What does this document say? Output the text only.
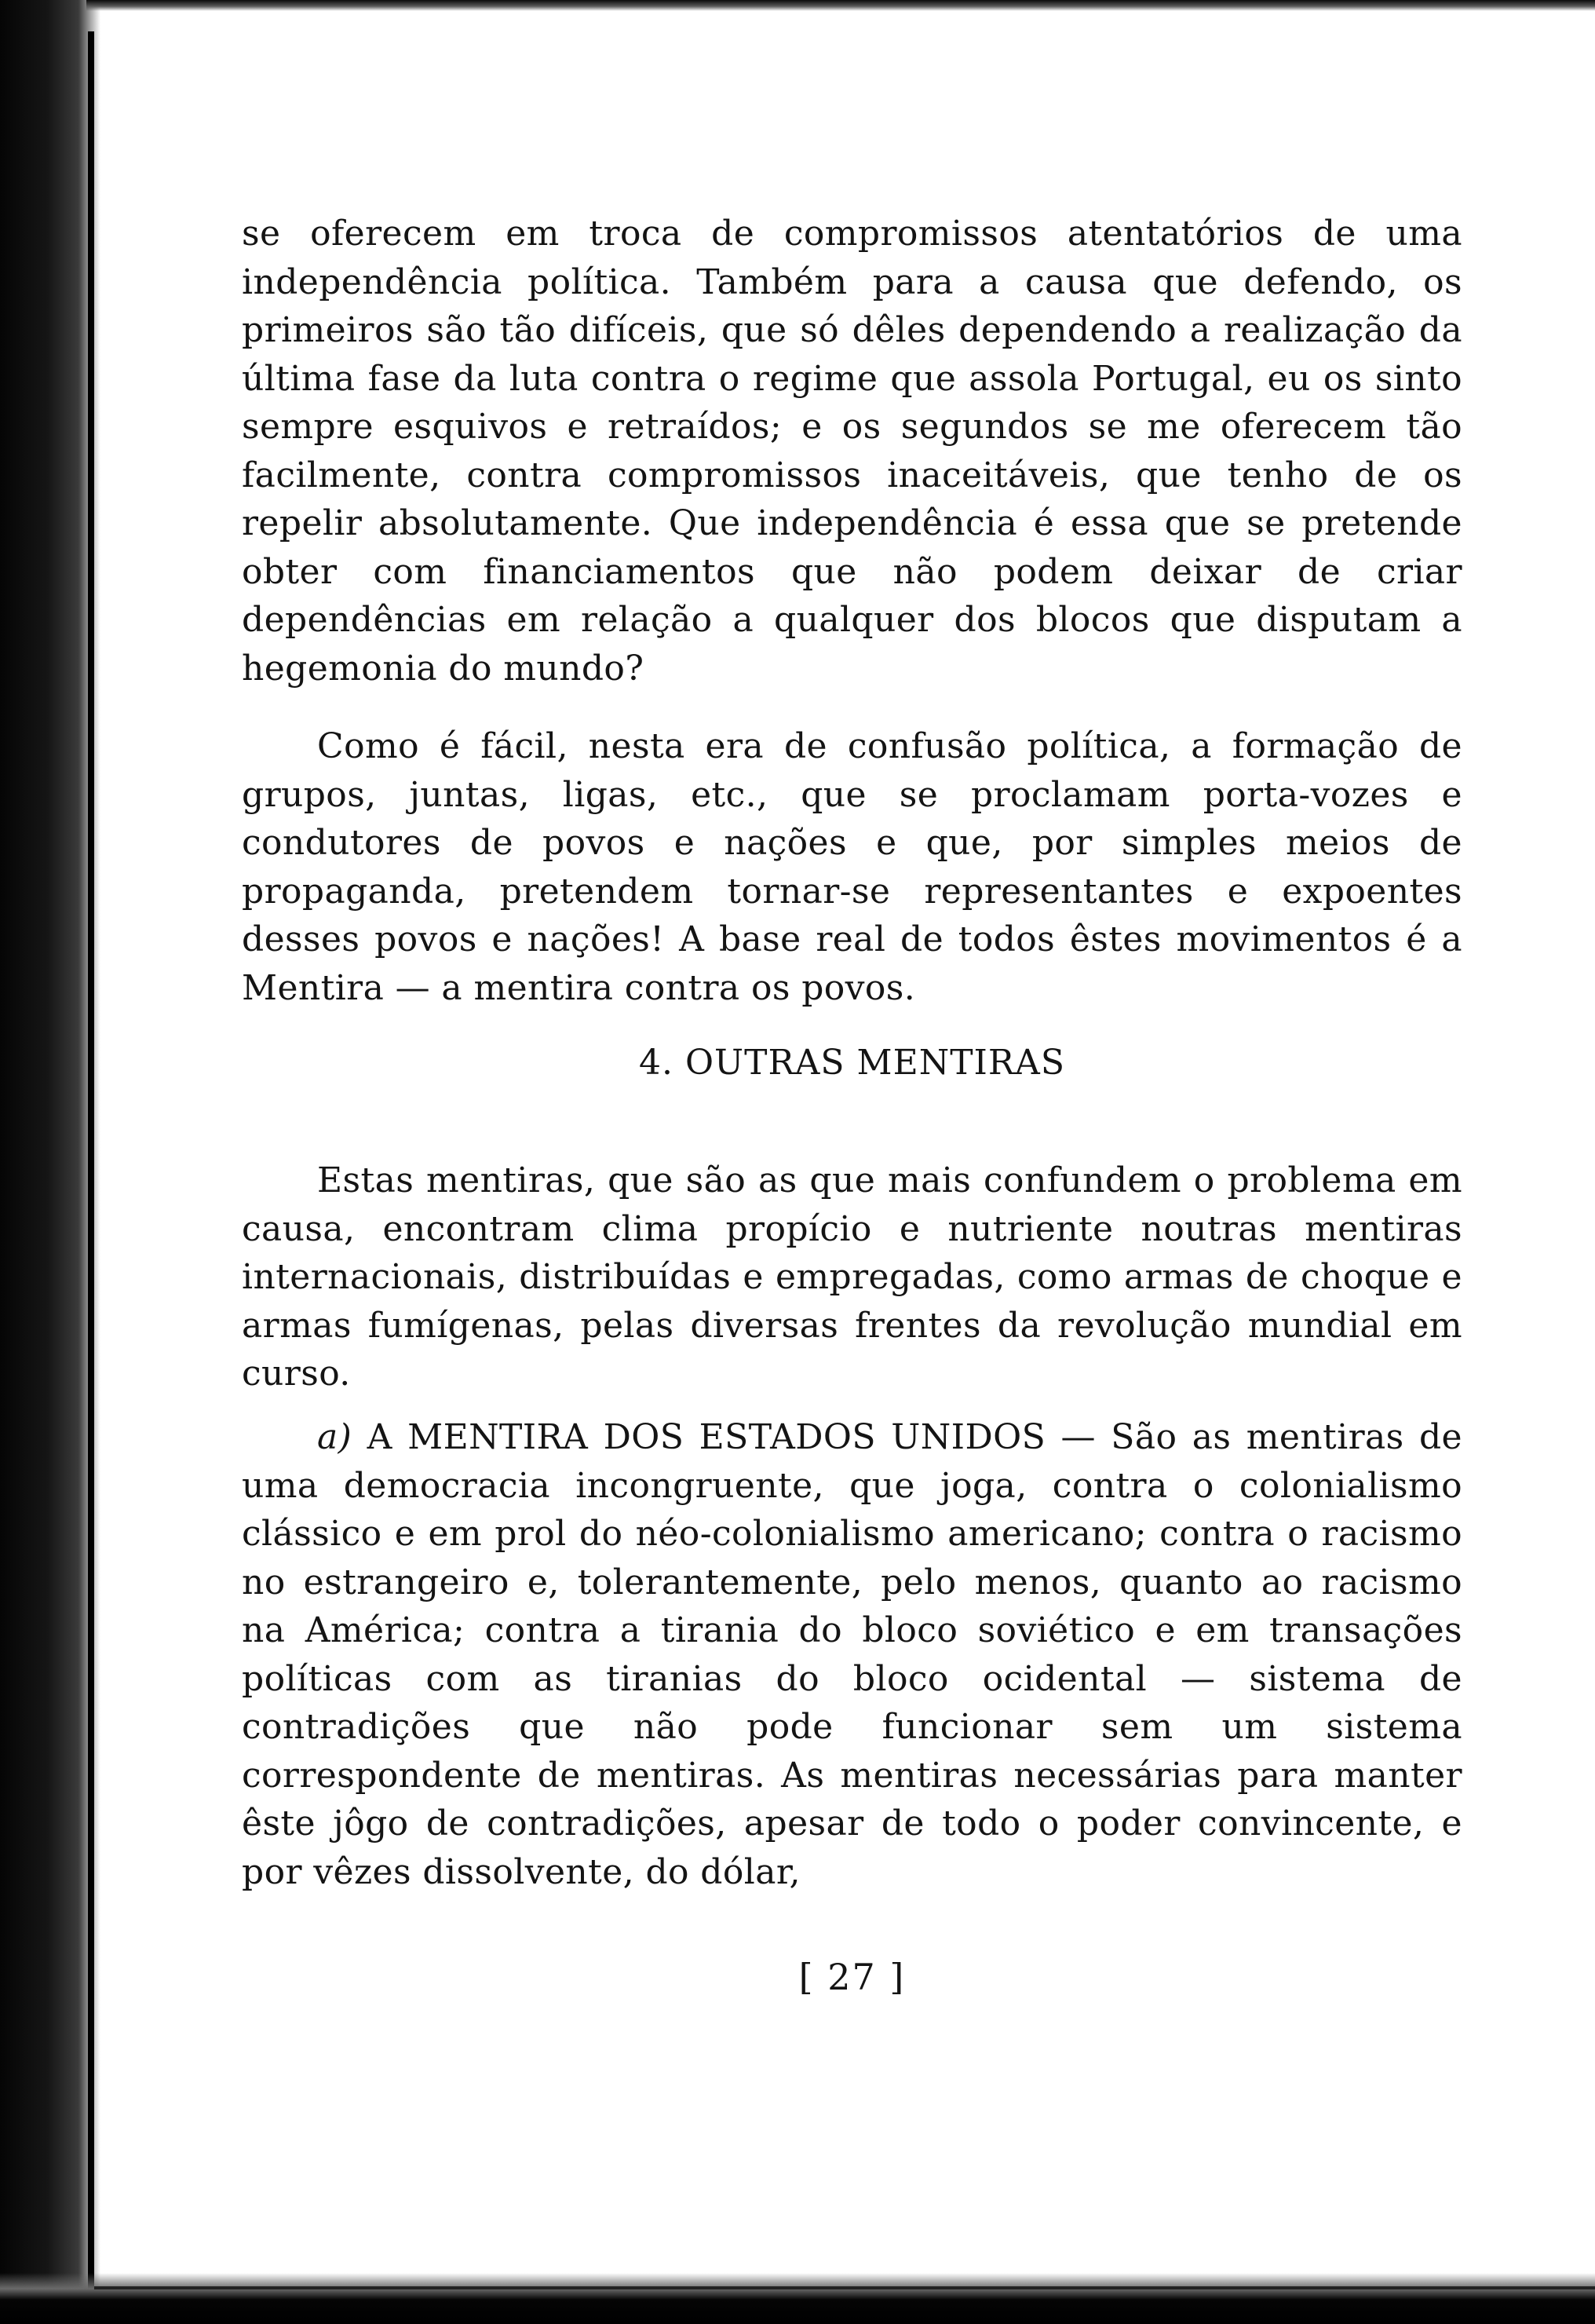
se oferecem em troca de compromissos atentatórios de uma independência política. Também para a causa que defendo, os primeiros são tão difíceis, que só dêles dependendo a realização da última fase da luta contra o regime que assola Portugal, eu os sinto sempre esquivos e retraídos; e os segundos se me oferecem tão facilmente, contra compromissos inaceitáveis, que tenho de os repelir absolutamente. Que independência é essa que se pretende obter com financiamentos que não podem deixar de criar dependências em relação a qualquer dos blocos que disputam a hegemonia do mundo?

Como é fácil, nesta era de confusão política, a formação de grupos, juntas, ligas, etc., que se proclamam porta-vozes e condutores de povos e nações e que, por simples meios de propaganda, pretendem tornar-se representantes e expoentes desses povos e nações! A base real de todos êstes movimentos é a Mentira — a mentira contra os povos.

4. OUTRAS MENTIRAS

Estas mentiras, que são as que mais confundem o problema em causa, encontram clima propício e nutriente noutras mentiras internacionais, distribuídas e empregadas, como armas de choque e armas fumígenas, pelas diversas frentes da revolução mundial em curso.

a) A MENTIRA DOS ESTADOS UNIDOS — São as mentiras de uma democracia incongruente, que joga, contra o colonialismo clássico e em prol do néo-colonialismo americano; contra o racismo no estrangeiro e, tolerantemente, pelo menos, quanto ao racismo na América; contra a tirania do bloco soviético e em transações políticas com as tiranias do bloco ocidental — sistema de contradições que não pode funcionar sem um sistema correspondente de mentiras. As mentiras necessárias para manter êste jôgo de contradições, apesar de todo o poder convincente, e por vêzes dissolvente, do dólar,

[ 27 ]
